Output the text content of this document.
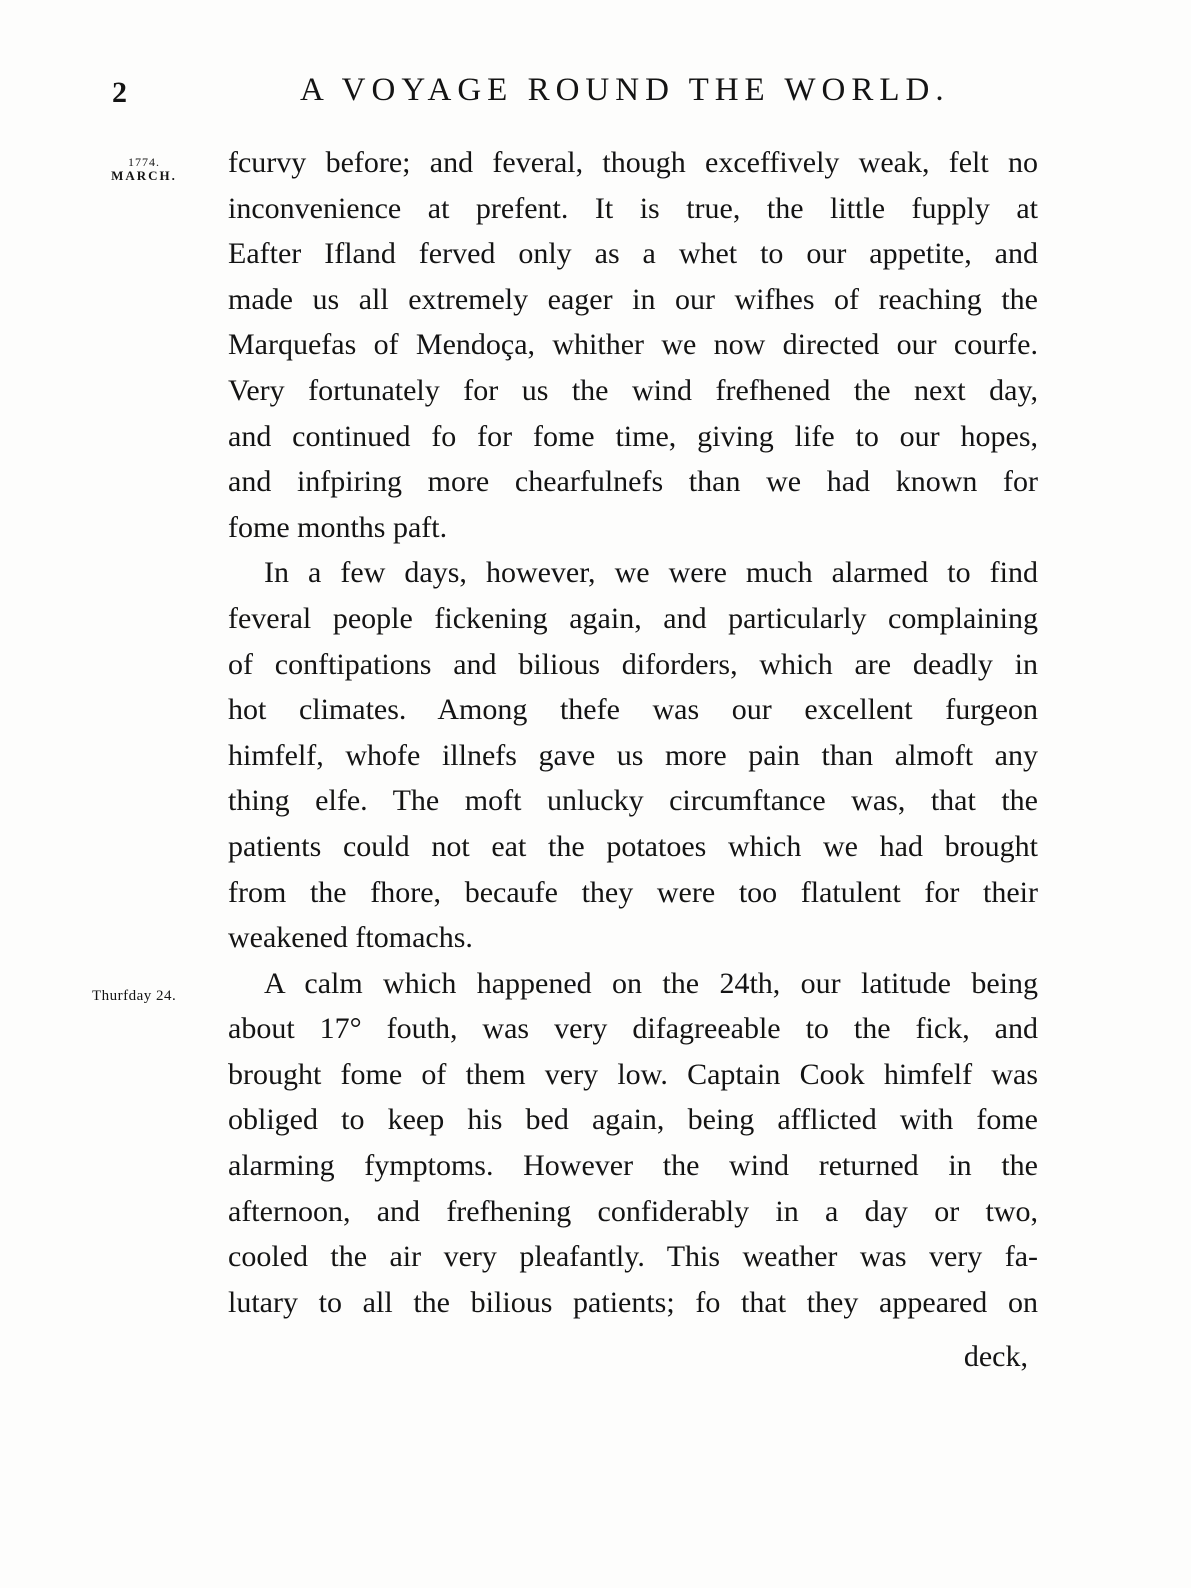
2	A VOYAGE ROUND THE WORLD.
1774.
MARCH.
Thurfday 24.
fcurvy before; and feveral, though exceffively weak, felt no
inconvenience at prefent. It is true, the little fupply at
Eafter Ifland ferved only as a whet to our appetite, and
made us all extremely eager in our wifhes of reaching the
Marquefas of Mendoça, whither we now directed our courfe.
Very fortunately for us the wind frefhened the next day,
and continued fo for fome time, giving life to our hopes,
and infpiring more chearfulnefs than we had known for
fome months paft.
In a few days, however, we were much alarmed to find
feveral people fickening again, and particularly complaining
of conftipations and bilious diforders, which are deadly in
hot climates. Among thefe was our excellent furgeon
himfelf, whofe illnefs gave us more pain than almoft any
thing elfe. The moft unlucky circumftance was, that the
patients could not eat the potatoes which we had brought
from the fhore, becaufe they were too flatulent for their
weakened ftomachs.
A calm which happened on the 24th, our latitude being
about 17° fouth, was very difagreeable to the fick, and
brought fome of them very low. Captain Cook himfelf was
obliged to keep his bed again, being afflicted with fome
alarming fymptoms. However the wind returned in the
afternoon, and frefhening confiderably in a day or two,
cooled the air very pleafantly. This weather was very fa-
lutary to all the bilious patients; fo that they appeared on
deck,
